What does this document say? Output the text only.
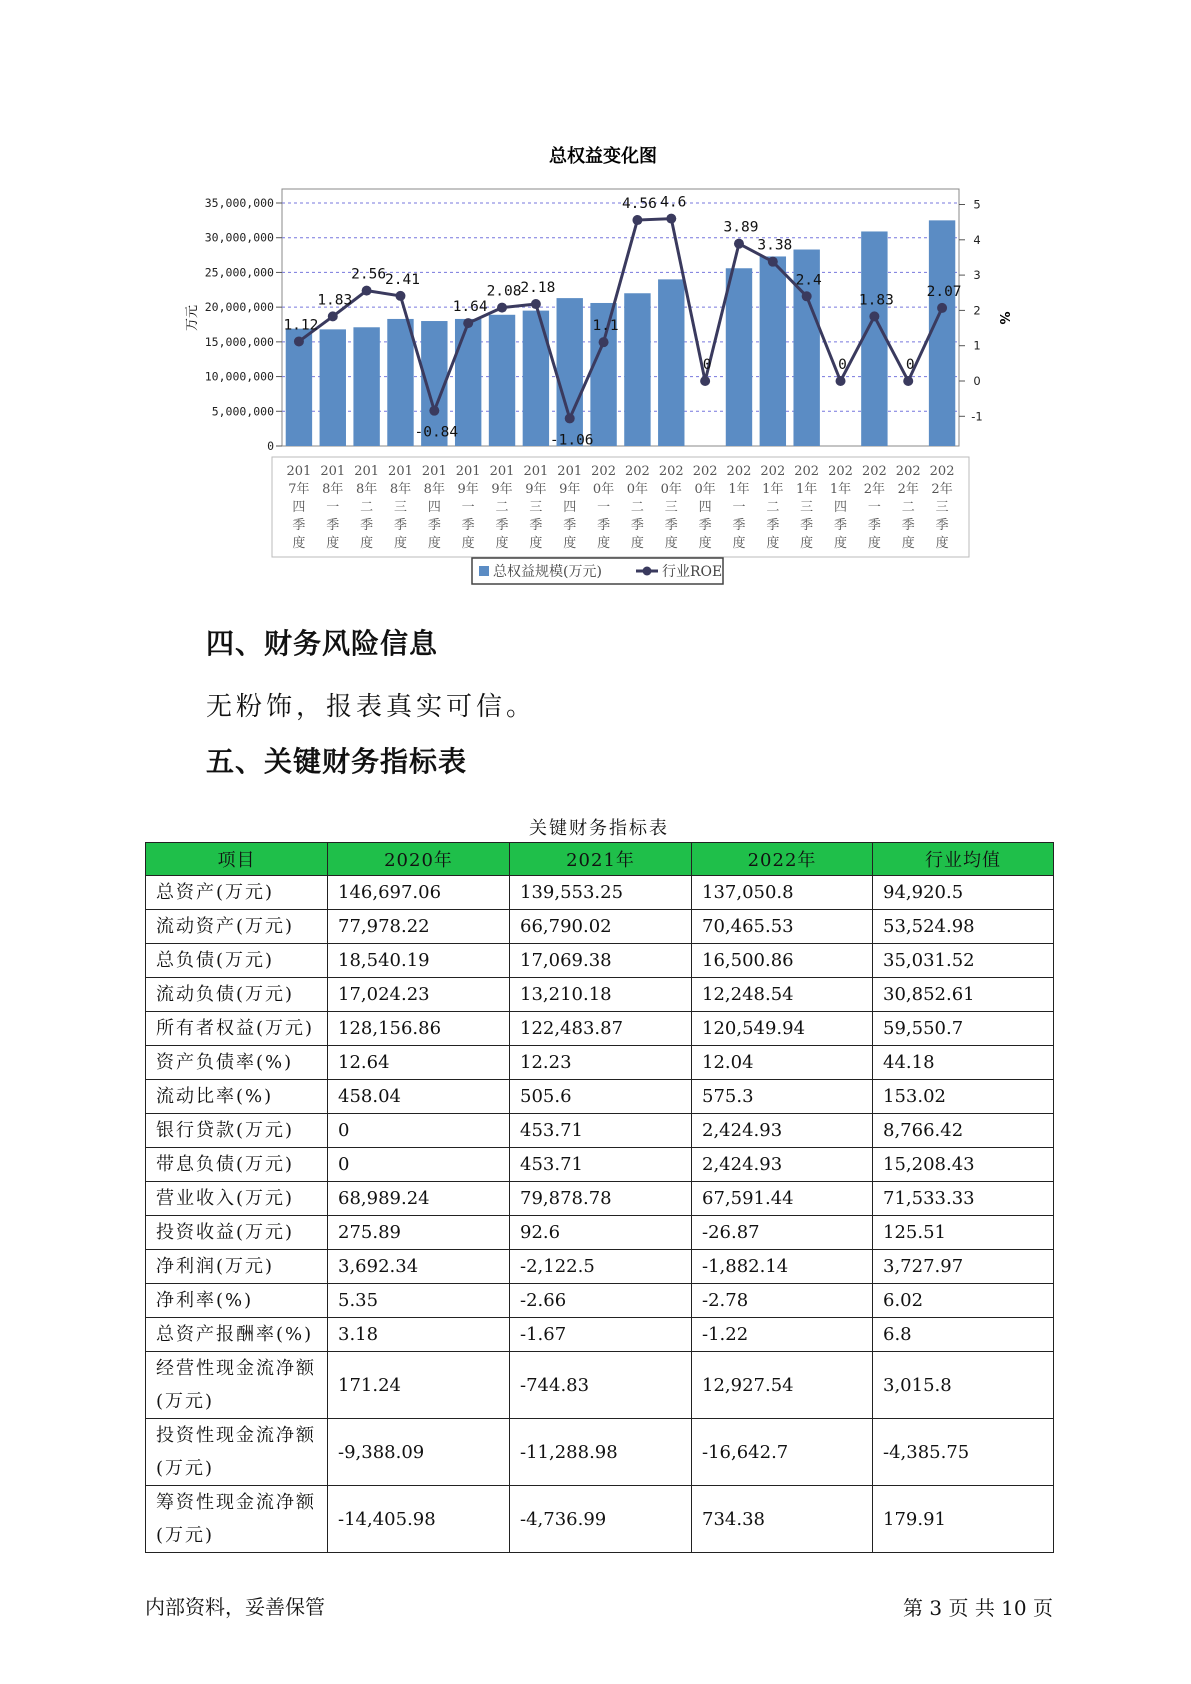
总权益变化图
35,000,000
30,000,000
25,000,000
20,000,000
15,000,000
10,000,000
5,000,000
0
5
4
3
2
1
0
-1
万元	%
201
7年
四
季
度
201
8年
一
季
度
201
8年
二
季
度
201
8年
三
季
度
201
8年
四
季
度
201
9年
一
季
度
201
9年
二
季
度
201
9年
三
季
度
201
9年
四
季
度
202
0年
一
季
度
202
0年
二
季
度
202
0年
三
季
度
202
0年
四
季
度
202
1年
一
季
度
202
1年
二
季
度
202
1年
三
季
度
202
1年
四
季
度
202
2年
一
季
度
202
2年
二
季
度
202
2年
三
季
度
1.12
1.83
2.56
2.41
-0.84
1.64
2.08
2.18
-1.06
1.1
4.56 4.6
0
3.89
3.38
2.4
0
1.83
0
2.07
总权益规模(万元)	行业ROE
四、财务风险信息

无粉饰，报表真实可信。

五、关键财务指标表
关键财务指标表
项目	2020年	2021年	2022年	行业均值
总资产(万元)	146,697.06	139,553.25	137,050.8	94,920.5
流动资产(万元)	77,978.22	66,790.02	70,465.53	53,524.98
总负债(万元)	18,540.19	17,069.38	16,500.86	35,031.52
流动负债(万元)	17,024.23	13,210.18	12,248.54	30,852.61
所有者权益(万元)	128,156.86	122,483.87	120,549.94	59,550.7
资产负债率(%)	12.64	12.23	12.04	44.18
流动比率(%)	458.04	505.6	575.3	153.02
银行贷款(万元)	0	453.71	2,424.93	8,766.42
带息负债(万元)	0	453.71	2,424.93	15,208.43
营业收入(万元)	68,989.24	79,878.78	67,591.44	71,533.33
投资收益(万元)	275.89	92.6	-26.87	125.51
净利润(万元)	3,692.34	-2,122.5	-1,882.14	3,727.97
净利率(%)	5.35	-2.66	-2.78	6.02
总资产报酬率(%)	3.18	-1.67	-1.22	6.8
经营性现金流净额(万元)	171.24	-744.83	12,927.54	3,015.8
投资性现金流净额(万元)	-9,388.09	-11,288.98	-16,642.7	-4,385.75
筹资性现金流净额(万元)	-14,405.98	-4,736.99	734.38	179.91
内部资料，妥善保管	第 3 页 共 10 页
